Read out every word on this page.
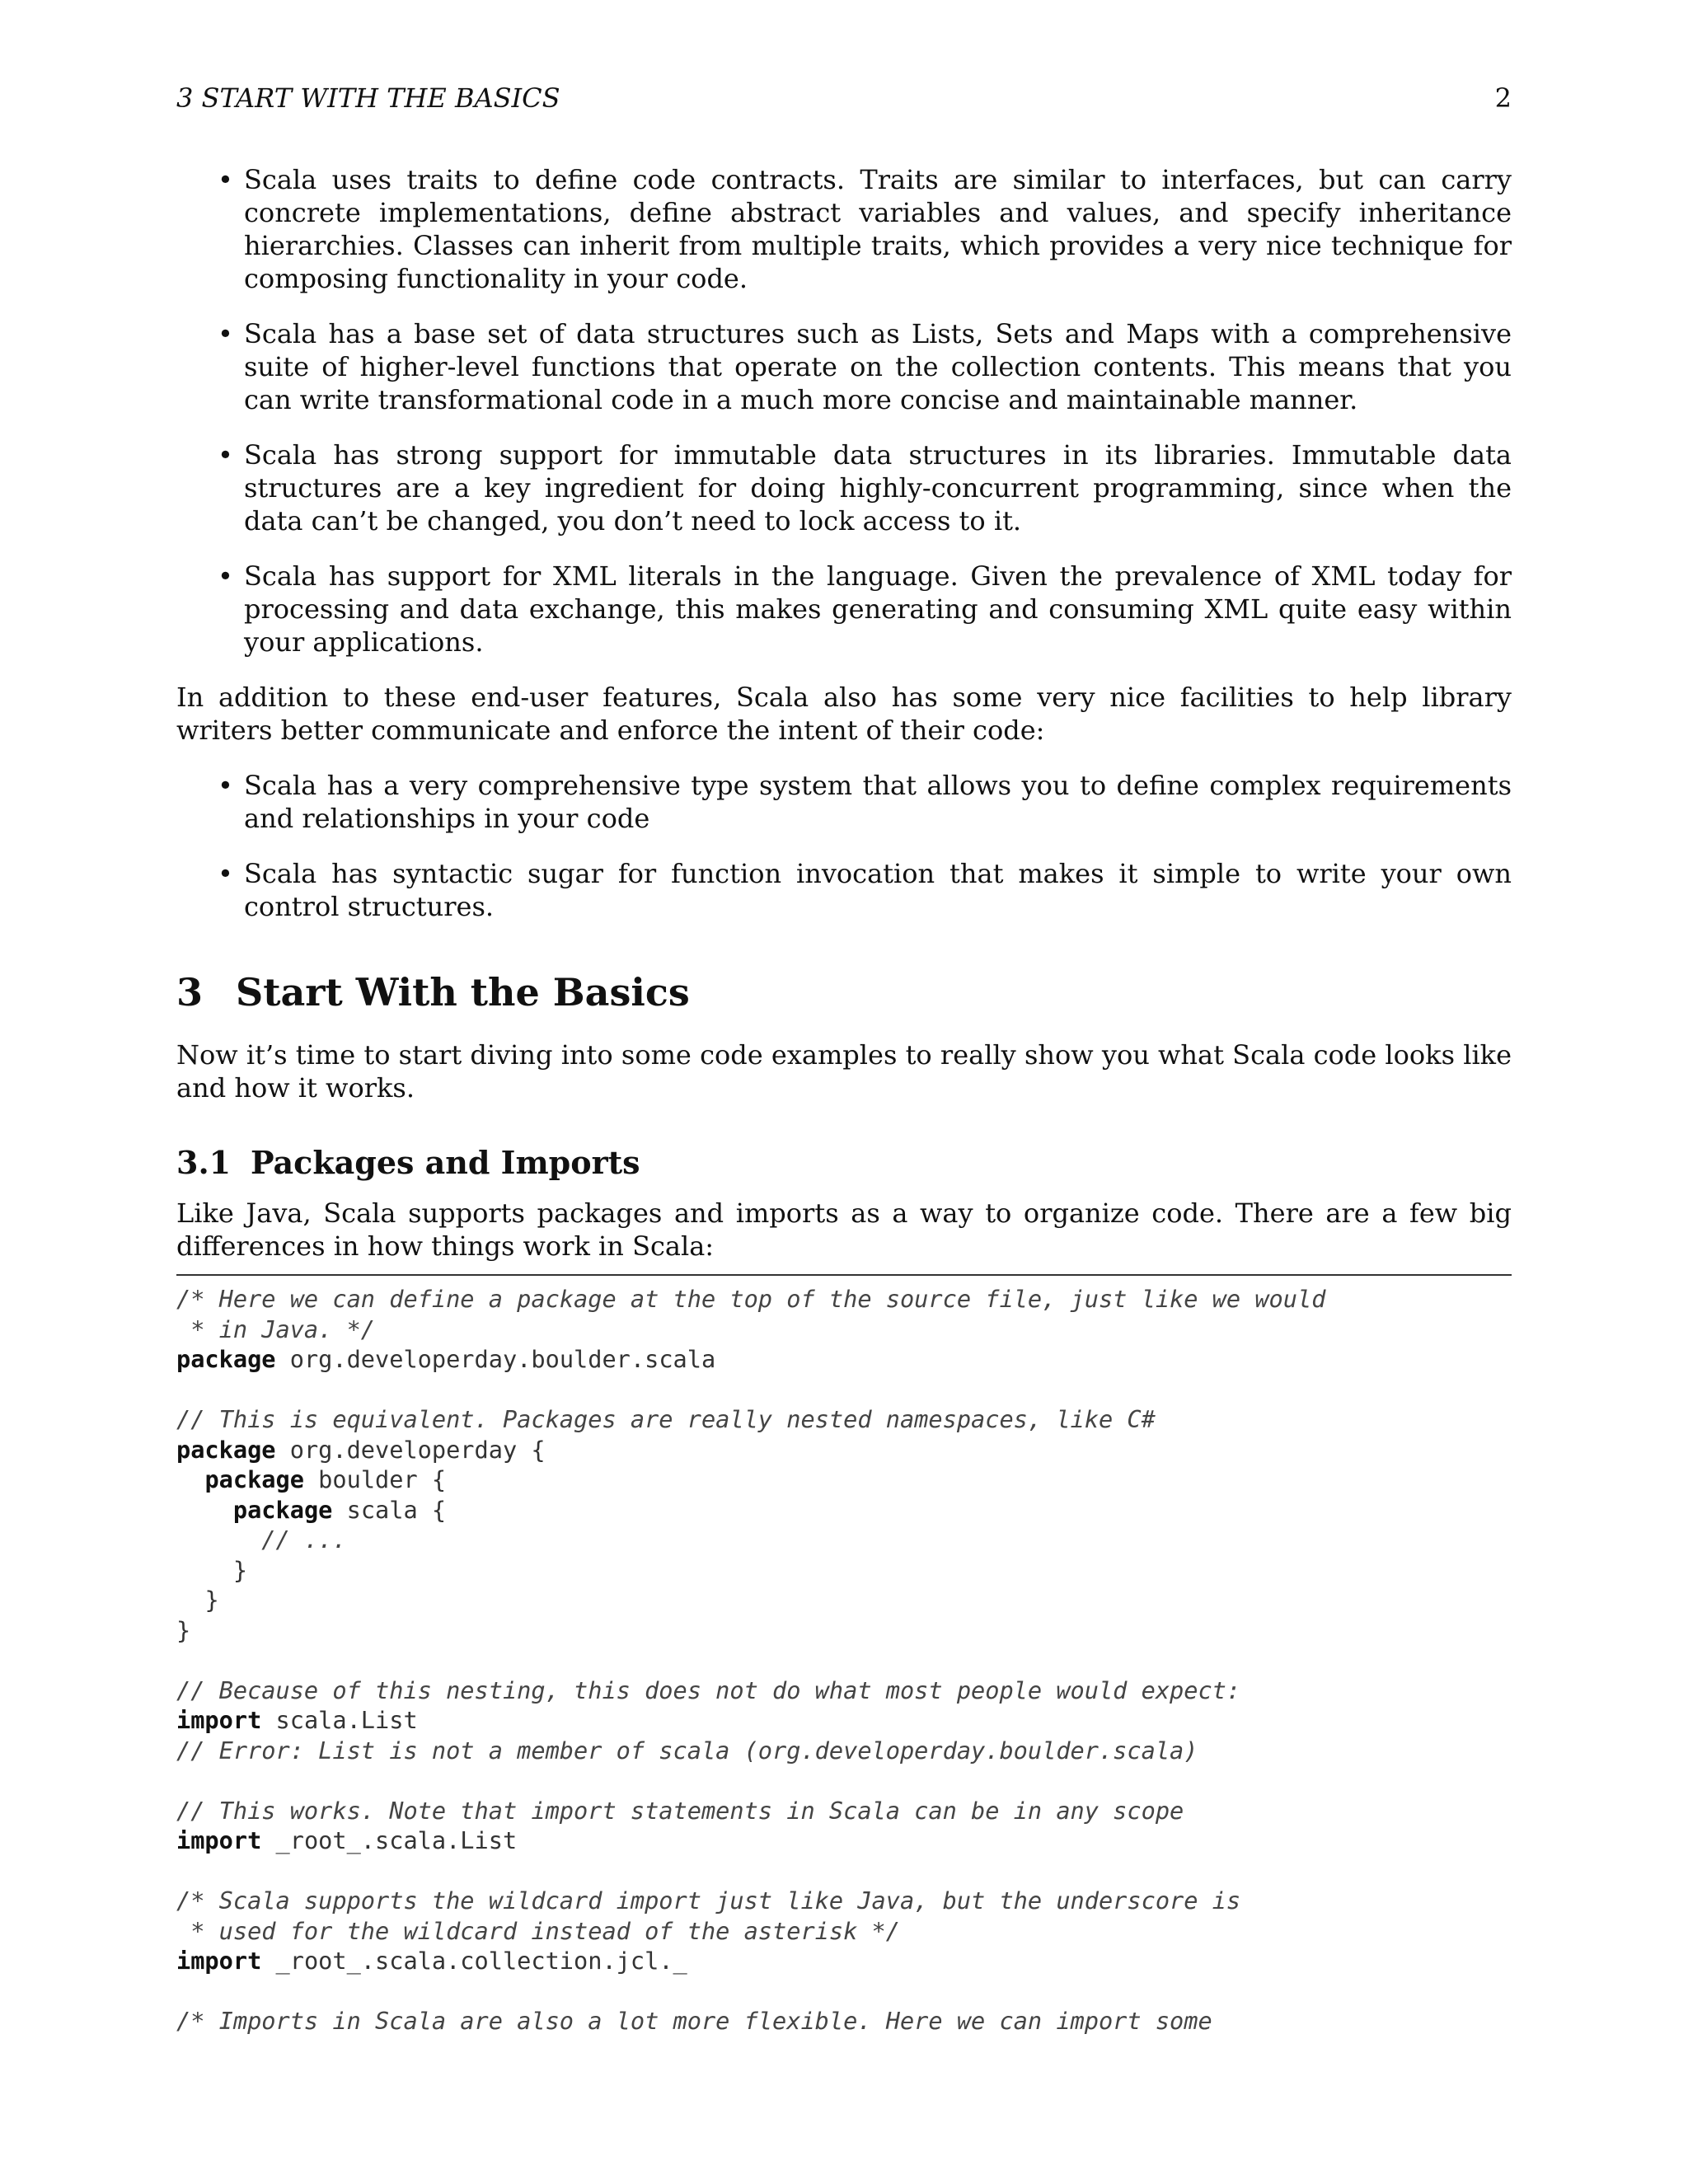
3 START WITH THE BASICS	2
• Scala uses traits to define code contracts. Traits are similar to interfaces, but can carry concrete implementations, define abstract variables and values, and specify inheritance hierarchies. Classes can inherit from multiple traits, which provides a very nice technique for composing functionality in your code.
• Scala has a base set of data structures such as Lists, Sets and Maps with a comprehensive suite of higher-level functions that operate on the collection contents. This means that you can write transformational code in a much more concise and maintainable manner.
• Scala has strong support for immutable data structures in its libraries. Immutable data structures are a key ingredient for doing highly-concurrent programming, since when the data can’t be changed, you don’t need to lock access to it.
• Scala has support for XML literals in the language. Given the prevalence of XML today for processing and data exchange, this makes generating and consuming XML quite easy within your applications.

In addition to these end-user features, Scala also has some very nice facilities to help library writers better communicate and enforce the intent of their code:

• Scala has a very comprehensive type system that allows you to define complex requirements and relationships in your code
• Scala has syntactic sugar for function invocation that makes it simple to write your own control structures.
3 Start With the Basics

Now it’s time to start diving into some code examples to really show you what Scala code looks like and how it works.

3.1 Packages and Imports

Like Java, Scala supports packages and imports as a way to organize code. There are a few big differences in how things work in Scala:

/* Here we can define a package at the top of the source file, just like we would
* in Java. */
package org.developerday.boulder.scala

// This is equivalent. Packages are really nested namespaces, like C#
package org.developerday {
package boulder {
package scala {
// ...
}
}
}

// Because of this nesting, this does not do what most people would expect:
import scala.List
// Error: List is not a member of scala (org.developerday.boulder.scala)

// This works. Note that import statements in Scala can be in any scope
import _root_.scala.List

/* Scala supports the wildcard import just like Java, but the underscore is
* used for the wildcard instead of the asterisk */
import _root_.scala.collection.jcl._

/* Imports in Scala are also a lot more flexible. Here we can import some
